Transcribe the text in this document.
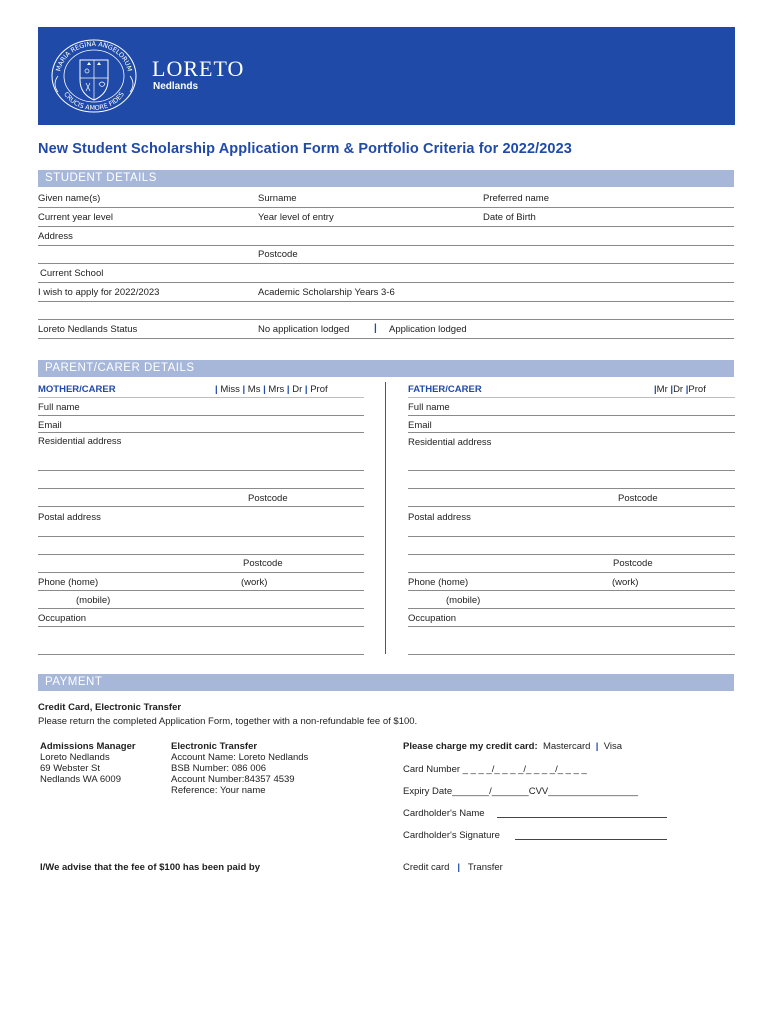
MARIA REGINA ANGELORUM
CRUCIS AMORE FIDES
LORETO
Nedlands
New Student Scholarship Application Form & Portfolio Criteria for 2022/2023
STUDENT DETAILS
Given name(s)	Surname	Preferred name
Current year level	Year level of entry	Date of Birth
Address
Postcode
Current School
I wish to apply for 2022/2023	Academic Scholarship Years 3-6
Loreto Nedlands Status	No application lodged | Application lodged
PARENT/CARER DETAILS
MOTHER/CARER	| Miss | Ms | Mrs | Dr | Prof
Full name
Email
Residential address
Postcode
Postal address
Postcode
Phone (home)	(work)
(mobile)
Occupation
FATHER/CARER	|Mr |Dr |Prof
Full name
Email
Residential address
Postcode
Postal address
Postcode
Phone (home)	(work)
(mobile)
Occupation
PAYMENT
Credit Card, Electronic Transfer
Please return the completed Application Form, together with a non-refundable fee of $100.
Admissions Manager
Loreto Nedlands
69 Webster St
Nedlands WA 6009
Electronic Transfer
Account Name: Loreto Nedlands
BSB Number: 086 006
Account Number:84357 4539
Reference: Your name
Please charge my credit card: Mastercard | Visa
Card Number _ _ _ _/_ _ _ _/_ _ _ _/_ _ _ _
Expiry Date_______/_______CVV_________________
Cardholder's Name
Cardholder's Signature
I/We advise that the fee of $100 has been paid by	Credit card | Transfer
